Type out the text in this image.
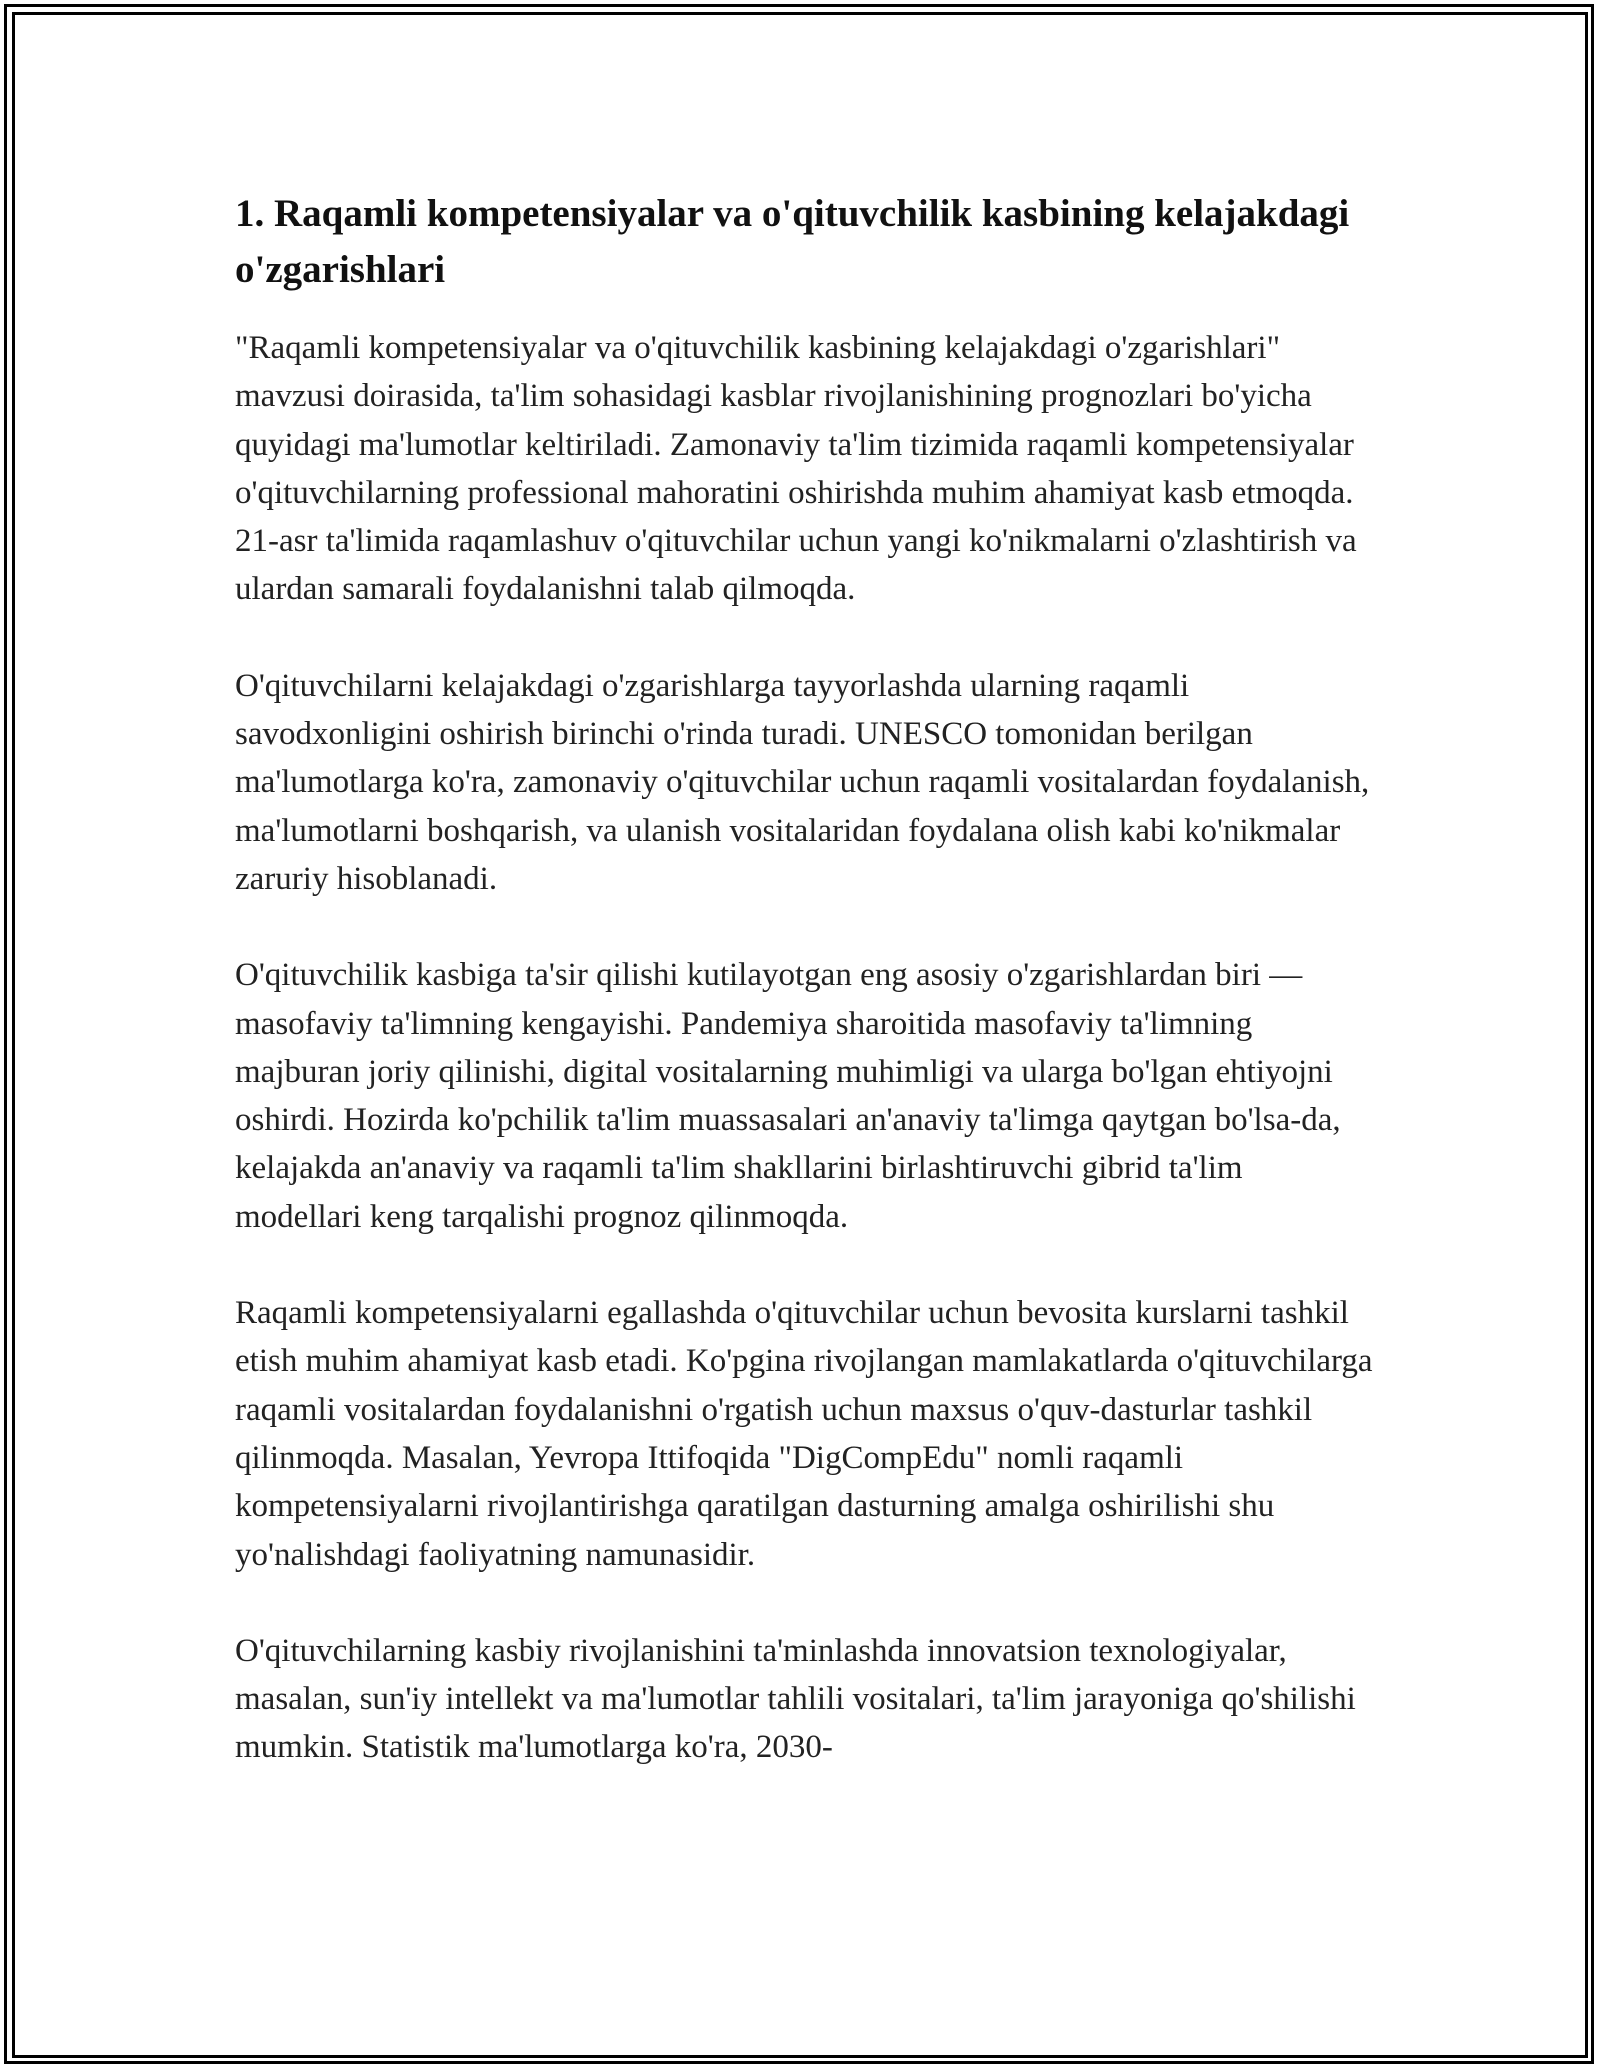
1. Raqamli kompetensiyalar va o'qituvchilik kasbining kelajakdagi o'zgarishlari

"Raqamli kompetensiyalar va o'qituvchilik kasbining kelajakdagi o'zgarishlari" mavzusi doirasida, ta'lim sohasidagi kasblar rivojlanishining prognozlari bo'yicha quyidagi ma'lumotlar keltiriladi. Zamonaviy ta'lim tizimida raqamli kompetensiyalar o'qituvchilarning professional mahoratini oshirishda muhim ahamiyat kasb etmoqda. 21-asr ta'limida raqamlashuv o'qituvchilar uchun yangi ko'nikmalarni o'zlashtirish va ulardan samarali foydalanishni talab qilmoqda.

O'qituvchilarni kelajakdagi o'zgarishlarga tayyorlashda ularning raqamli savodxonligini oshirish birinchi o'rinda turadi. UNESCO tomonidan berilgan ma'lumotlarga ko'ra, zamonaviy o'qituvchilar uchun raqamli vositalardan foydalanish, ma'lumotlarni boshqarish, va ulanish vositalaridan foydalana olish kabi ko'nikmalar zaruriy hisoblanadi.

O'qituvchilik kasbiga ta'sir qilishi kutilayotgan eng asosiy o'zgarishlardan biri — masofaviy ta'limning kengayishi. Pandemiya sharoitida masofaviy ta'limning majburan joriy qilinishi, digital vositalarning muhimligi va ularga bo'lgan ehtiyojni oshirdi. Hozirda ko'pchilik ta'lim muassasalari an'anaviy ta'limga qaytgan bo'lsa-da, kelajakda an'anaviy va raqamli ta'lim shakllarini birlashtiruvchi gibrid ta'lim modellari keng tarqalishi prognoz qilinmoqda.

Raqamli kompetensiyalarni egallashda o'qituvchilar uchun bevosita kurslarni tashkil etish muhim ahamiyat kasb etadi. Ko'pgina rivojlangan mamlakatlarda o'qituvchilarga raqamli vositalardan foydalanishni o'rgatish uchun maxsus o'quv-dasturlar tashkil qilinmoqda. Masalan, Yevropa Ittifoqida "DigCompEdu" nomli raqamli kompetensiyalarni rivojlantirishga qaratilgan dasturning amalga oshirilishi shu yo'nalishdagi faoliyatning namunasidir.

O'qituvchilarning kasbiy rivojlanishini ta'minlashda innovatsion texnologiyalar, masalan, sun'iy intellekt va ma'lumotlar tahlili vositalari, ta'lim jarayoniga qo'shilishi mumkin. Statistik ma'lumotlarga ko'ra, 2030-
